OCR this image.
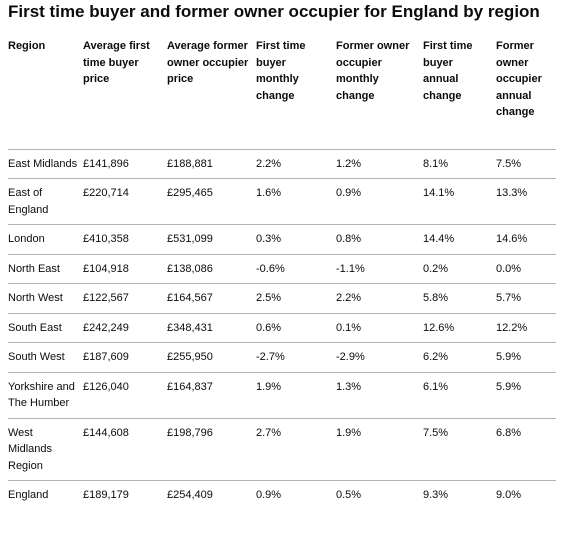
First time buyer and former owner occupier for England by region
Region	Average first time buyer price	Average former owner occupier price	First time buyer monthly change	Former owner occupier monthly change	First time buyer annual change	Former owner occupier annual change
East Midlands	£141,896	£188,881	2.2%	1.2%	8.1%	7.5%
East of England	£220,714	£295,465	1.6%	0.9%	14.1%	13.3%
London	£410,358	£531,099	0.3%	0.8%	14.4%	14.6%
North East	£104,918	£138,086	-0.6%	-1.1%	0.2%	0.0%
North West	£122,567	£164,567	2.5%	2.2%	5.8%	5.7%
South East	£242,249	£348,431	0.6%	0.1%	12.6%	12.2%
South West	£187,609	£255,950	-2.7%	-2.9%	6.2%	5.9%
Yorkshire and The Humber	£126,040	£164,837	1.9%	1.3%	6.1%	5.9%
West Midlands Region	£144,608	£198,796	2.7%	1.9%	7.5%	6.8%
England	£189,179	£254,409	0.9%	0.5%	9.3%	9.0%
